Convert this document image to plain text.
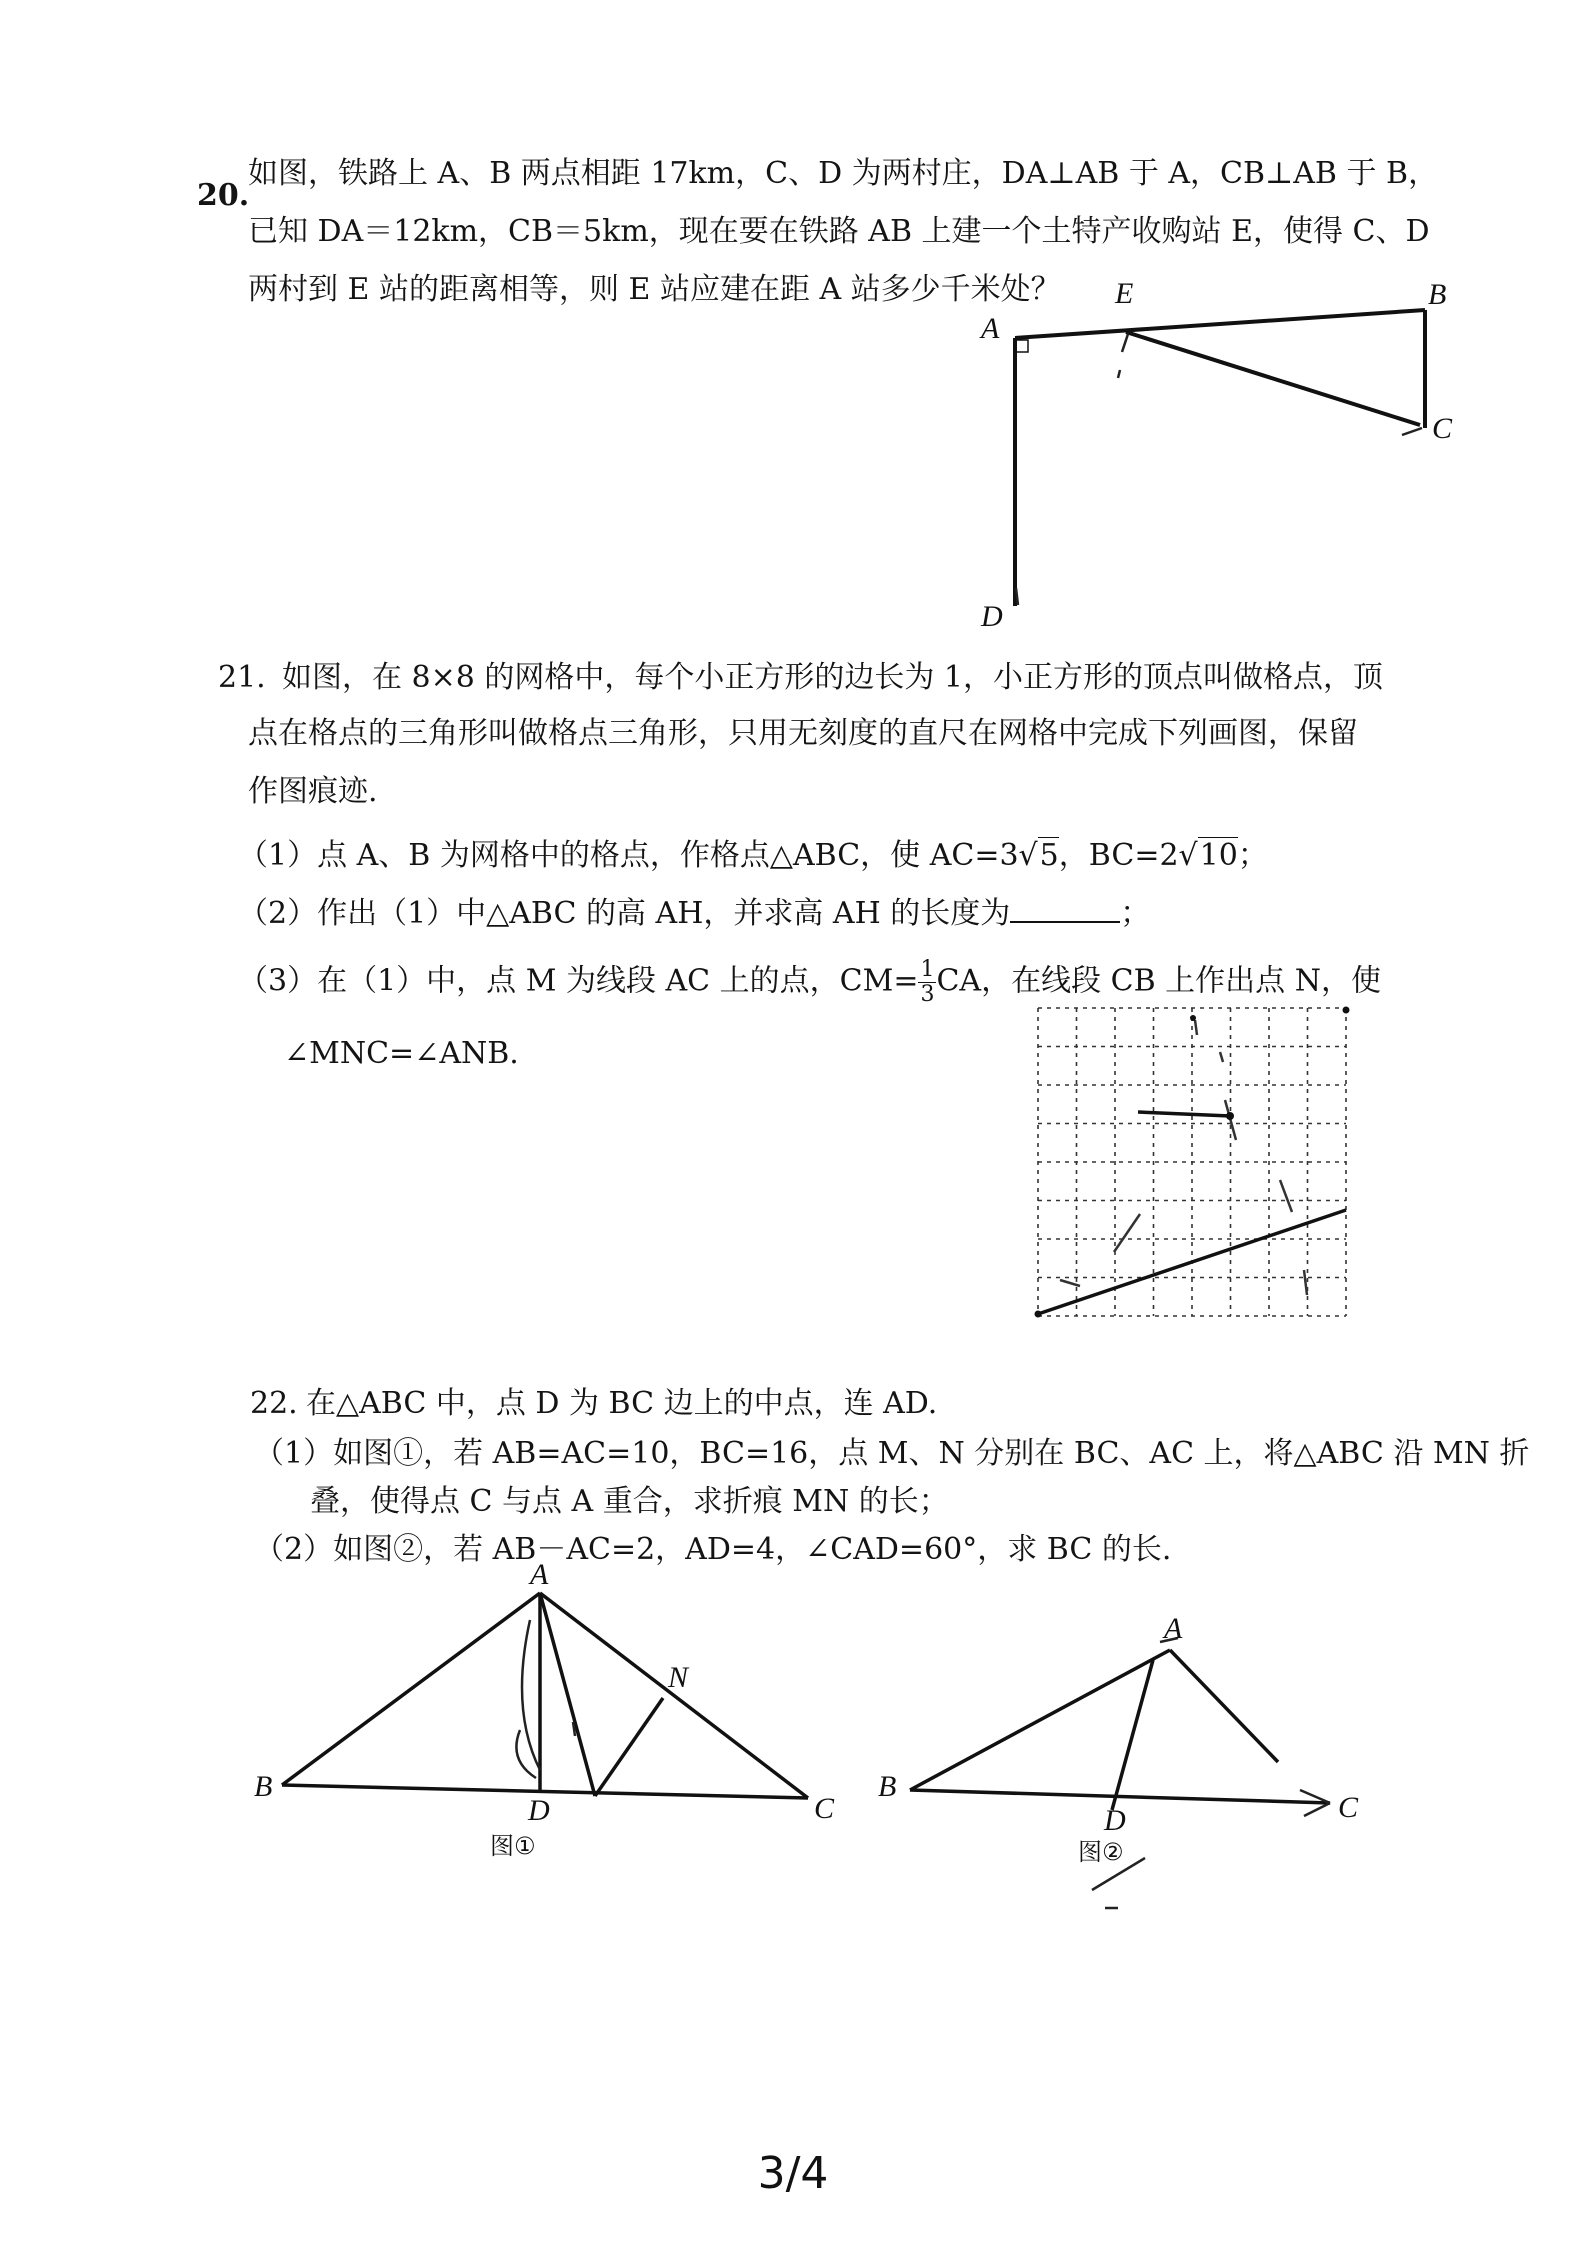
20.
如图，铁路上 A、B 两点相距 17km，C、D 为两村庄，DA⊥AB 于 A，CB⊥AB 于 B，
已知 DA＝12km，CB＝5km，现在要在铁路 AB 上建一个土特产收购站 E，使得 C、D
两村到 E 站的距离相等，则 E 站应建在距 A 站多少千米处？
A
B
C
D
E
21. 如图，在 8×8 的网格中，每个小正方形的边长为 1，小正方形的顶点叫做格点，顶
点在格点的三角形叫做格点三角形，只用无刻度的直尺在网格中完成下列画图，保留
作图痕迹.
（1）点 A、B 为网格中的格点，作格点△ABC，使 AC=3√5，BC=2√10；
（2）作出（1）中△ABC 的高 AH，并求高 AH 的长度为	；
（3）在（1）中，点 M 为线段 AC 上的点，$CM= \frac{1}{3}$ CA，在线段 CB 上作出点 N，使
∠MNC=∠ANB.
22. 在△ABC 中，点 D 为 BC 边上的中点，连 AD.
（1）如图①，若 AB=AC=10，BC=16，点 M、N 分别在 BC、AC 上，将△ABC 沿 MN 折
叠，使得点 C 与点 A 重合，求折痕 MN 的长；
（2）如图②，若 AB－AC=2，AD=4，∠CAD=60°，求 BC 的长.
A
B
C
D
N
图①
A
B
C
D
图②
3/4
